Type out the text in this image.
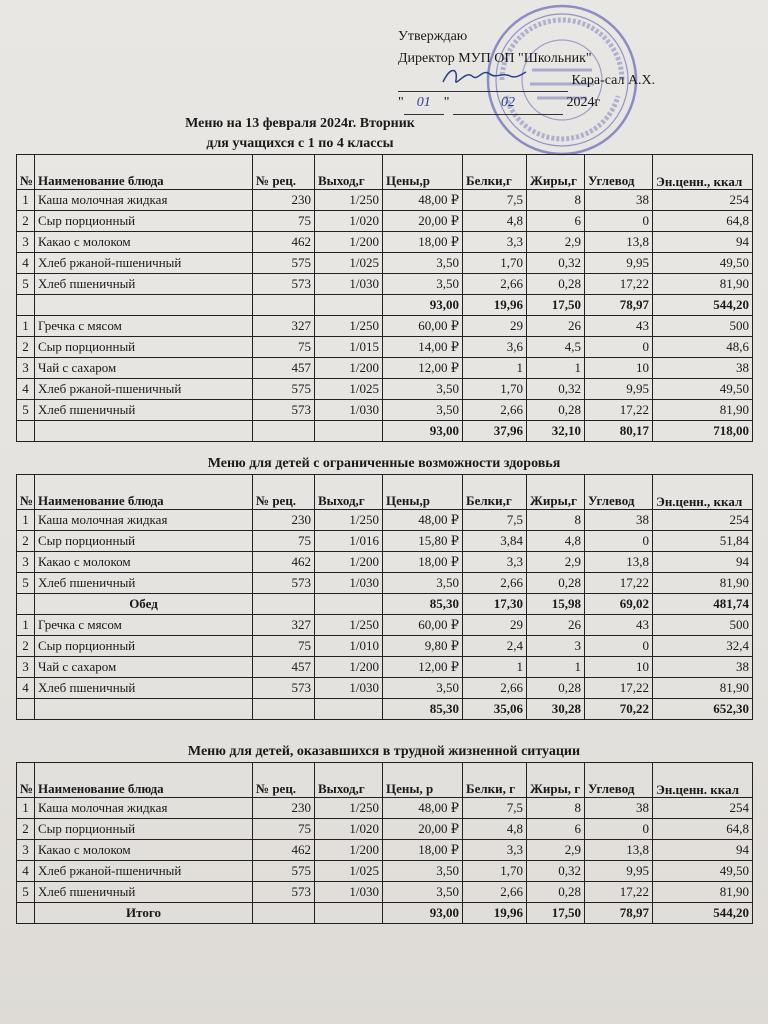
Утверждаю
Директор МУП ОП "Школьник"
Кара-сал А.Х.
" 01 "	02	2024г
Меню на 13 февраля 2024г. Вторник
для учащихся с 1 по 4 классы
№	Наименование блюда	№ рец.	Выход,г	Цены,р	Белки,г	Жиры,г	Углевод	Эн.ценн., ккал
1	Каша молочная жидкая	230	1/250	48,00 ₽	7,5	8	38	254
2	Сыр порционный	75	1/020	20,00 ₽	4,8	6	0	64,8
3	Какао с молоком	462	1/200	18,00 ₽	3,3	2,9	13,8	94
4	Хлеб ржаной-пшеничный	575	1/025	3,50	1,70	0,32	9,95	49,50
5	Хлеб пшеничный	573	1/030	3,50	2,66	0,28	17,22	81,90
				93,00	19,96	17,50	78,97	544,20
1	Гречка с мясом	327	1/250	60,00 ₽	29	26	43	500
2	Сыр порционный	75	1/015	14,00 ₽	3,6	4,5	0	48,6
3	Чай с сахаром	457	1/200	12,00 ₽	1	1	10	38
4	Хлеб ржаной-пшеничный	575	1/025	3,50	1,70	0,32	9,95	49,50
5	Хлеб пшеничный	573	1/030	3,50	2,66	0,28	17,22	81,90
				93,00	37,96	32,10	80,17	718,00
Меню для детей с ограниченные возможности здоровья
№	Наименование блюда	№ рец.	Выход,г	Цены,р	Белки,г	Жиры,г	Углевод	Эн.ценн., ккал
1	Каша молочная жидкая	230	1/250	48,00 ₽	7,5	8	38	254
2	Сыр порционный	75	1/016	15,80 ₽	3,84	4,8	0	51,84
3	Какао с молоком	462	1/200	18,00 ₽	3,3	2,9	13,8	94
5	Хлеб пшеничный	573	1/030	3,50	2,66	0,28	17,22	81,90
	Обед			85,30	17,30	15,98	69,02	481,74
1	Гречка с мясом	327	1/250	60,00 ₽	29	26	43	500
2	Сыр порционный	75	1/010	9,80 ₽	2,4	3	0	32,4
3	Чай с сахаром	457	1/200	12,00 ₽	1	1	10	38
4	Хлеб пшеничный	573	1/030	3,50	2,66	0,28	17,22	81,90
				85,30	35,06	30,28	70,22	652,30
Меню для детей, оказавшихся в трудной жизненной ситуации
№	Наименование блюда	№ рец.	Выход,г	Цены, р	Белки, г	Жиры, г	Углевод	Эн.ценн. ккал
1	Каша молочная жидкая	230	1/250	48,00 ₽	7,5	8	38	254
2	Сыр порционный	75	1/020	20,00 ₽	4,8	6	0	64,8
3	Какао с молоком	462	1/200	18,00 ₽	3,3	2,9	13,8	94
4	Хлеб ржаной-пшеничный	575	1/025	3,50	1,70	0,32	9,95	49,50
5	Хлеб пшеничный	573	1/030	3,50	2,66	0,28	17,22	81,90
	Итого			93,00	19,96	17,50	78,97	544,20
